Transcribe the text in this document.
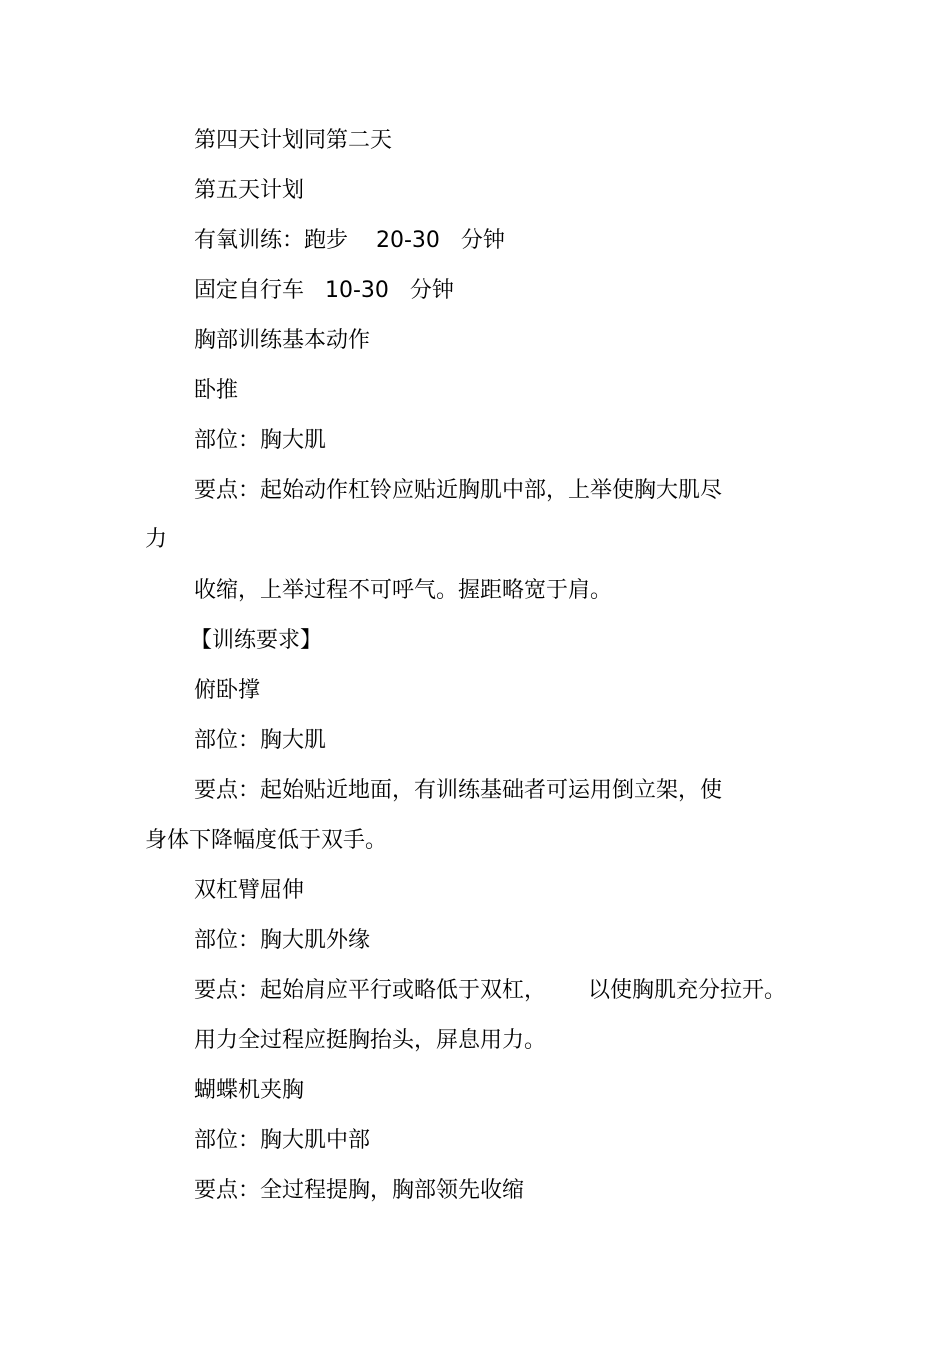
第四天计划同第二天
第五天计划
有氧训练：跑步    20-30   分钟
固定自行车   10-30   分钟
胸部训练基本动作
卧推
部位：胸大肌
要点：起始动作杠铃应贴近胸肌中部，上举使胸大肌尽
力
收缩，上举过程不可呼气。握距略宽于肩。
【训练要求】
俯卧撑
部位：胸大肌
要点：起始贴近地面，有训练基础者可运用倒立架，使
身体下降幅度低于双手。
双杠臂屈伸
部位：胸大肌外缘
要点：起始肩应平行或略低于双杠，      以使胸肌充分拉开。
用力全过程应挺胸抬头，屏息用力。
蝴蝶机夹胸
部位：胸大肌中部
要点：全过程提胸，胸部领先收缩
